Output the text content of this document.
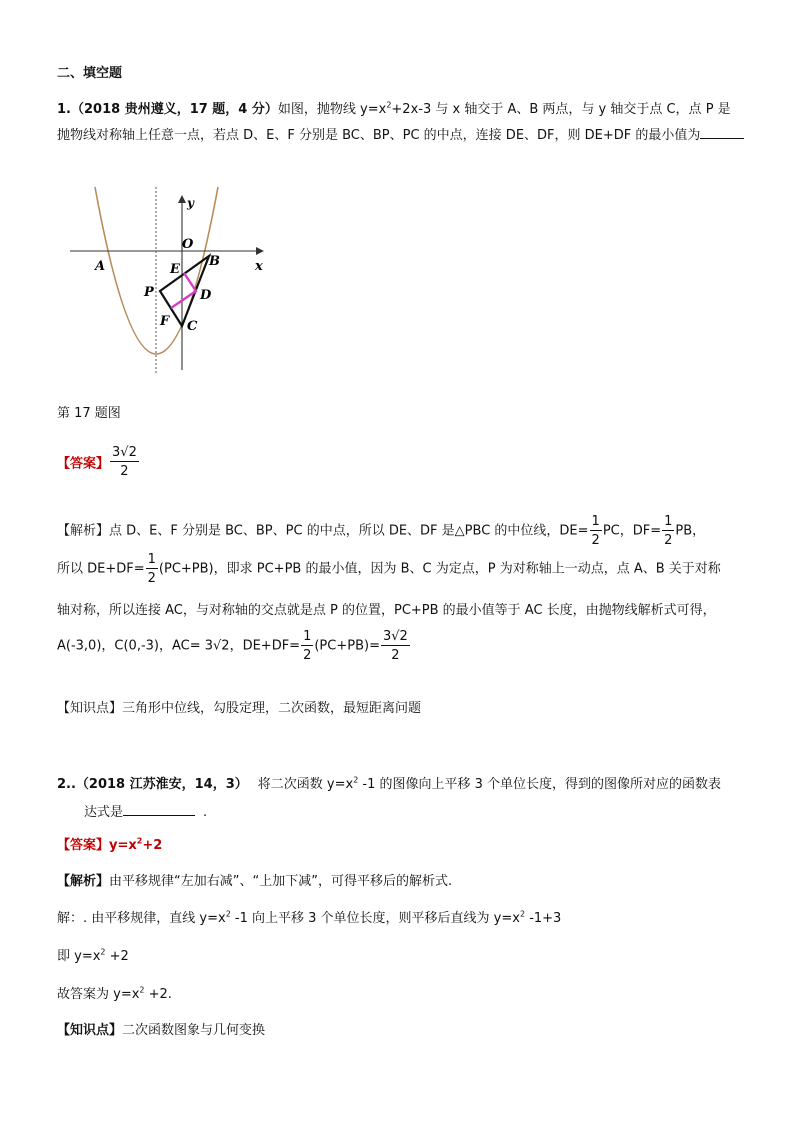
二、填空题
1.（2018 贵州遵义，17 题，4 分）如图，抛物线 $y=x^2+2x-3$ 与 x 轴交于 A、B 两点，与 y 轴交于点 C，点 P 是
抛物线对称轴上任意一点，若点 D、E、F 分别是 BC、BP、PC 的中点，连接 DE、DF，则 DE+DF 的最小值为
y
O
A	B	x
E
P	D
F C
第 17 题图
【答案】 $\frac{3√2}{2}$
【解析】点 D、E、F 分别是 BC、BP、PC 的中点，所以 DE、DF 是△PBC 的中位线，$DE= \frac{1}{2}$ PC，$DF= \frac{1}{2}$ PB，
所以 $DE+DF= \frac{1}{2} (PC+PB)$，即求 PC+PB 的最小值，因为 B、C 为定点，P 为对称轴上一动点，点 A、B 关于对称
轴对称，所以连接 AC，与对称轴的交点就是点 P 的位置，PC+PB 的最小值等于 AC 长度，由抛物线解析式可得，
A(-3,0)，C(0,-3)，AC= 3√2，$DE+DF= \frac{1}{2} (PC+PB)= \frac{3√2}{2}$
【知识点】三角形中位线，勾股定理，二次函数，最短距离问题
2..（2018 江苏淮安，14，3） 将二次函数 $y=x^2$ -1 的图像向上平移 3 个单位长度，得到的图像所对应的函数表
达式是	.
【答案】$y=x^2+2$
【解析】由平移规律“左加右减”、“上加下减”，可得平移后的解析式.
解：. 由平移规律，直线 $y=x^2$ -1 向上平移 3 个单位长度，则平移后直线为 $y=x^2$ -1+3
即 $y=x^2 +2$
故答案为 $y=x^2 +2$.
【知识点】二次函数图象与几何变换
